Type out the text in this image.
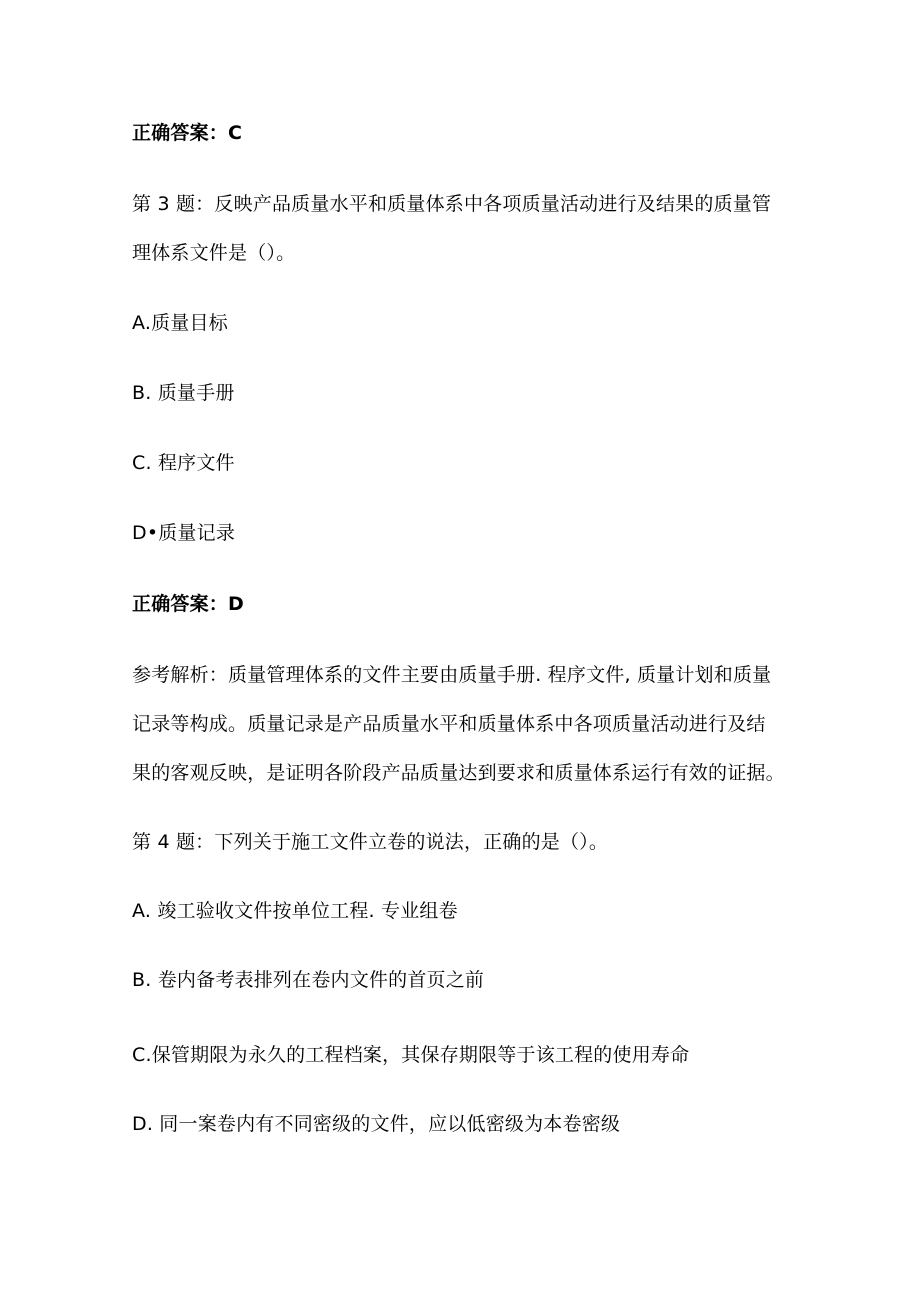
正确答案：C
第 3 题：反映产品质量水平和质量体系中各项质量活动进行及结果的质量管
理体系文件是（）。
A.质量目标
B. 质量手册
C. 程序文件
D•质量记录
正确答案：D
参考解析：质量管理体系的文件主要由质量手册. 程序文件, 质量计划和质量
记录等构成。质量记录是产品质量水平和质量体系中各项质量活动进行及结
果的客观反映，是证明各阶段产品质量达到要求和质量体系运行有效的证据。
第 4 题：下列关于施工文件立卷的说法，正确的是（）。
A. 竣工验收文件按单位工程. 专业组卷
B. 卷内备考表排列在卷内文件的首页之前
C.保管期限为永久的工程档案，其保存期限等于该工程的使用寿命
D. 同一案卷内有不同密级的文件，应以低密级为本卷密级
